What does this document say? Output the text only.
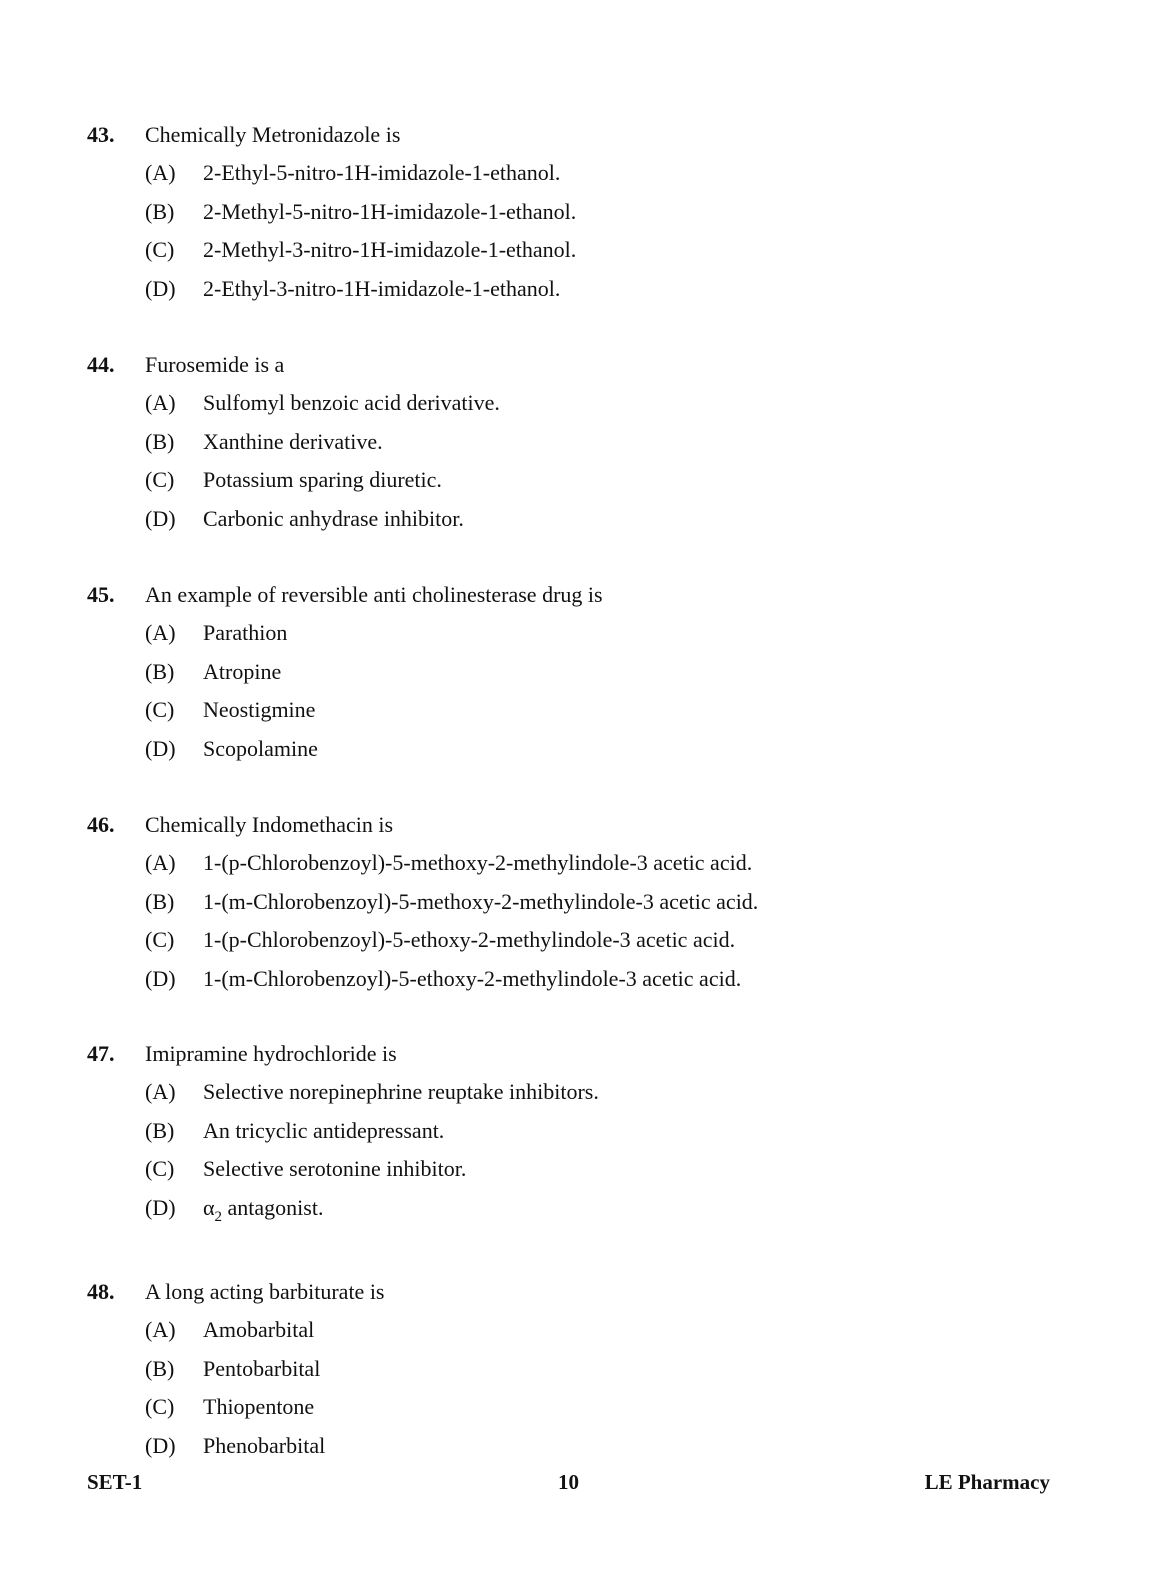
43. Chemically Metronidazole is
(A) 2-Ethyl-5-nitro-1H-imidazole-1-ethanol.
(B) 2-Methyl-5-nitro-1H-imidazole-1-ethanol.
(C) 2-Methyl-3-nitro-1H-imidazole-1-ethanol.
(D) 2-Ethyl-3-nitro-1H-imidazole-1-ethanol.
44. Furosemide is a
(A) Sulfomyl benzoic acid derivative.
(B) Xanthine derivative.
(C) Potassium sparing diuretic.
(D) Carbonic anhydrase inhibitor.
45. An example of reversible anti cholinesterase drug is
(A) Parathion
(B) Atropine
(C) Neostigmine
(D) Scopolamine
46. Chemically Indomethacin is
(A) 1-(p-Chlorobenzoyl)-5-methoxy-2-methylindole-3 acetic acid.
(B) 1-(m-Chlorobenzoyl)-5-methoxy-2-methylindole-3 acetic acid.
(C) 1-(p-Chlorobenzoyl)-5-ethoxy-2-methylindole-3 acetic acid.
(D) 1-(m-Chlorobenzoyl)-5-ethoxy-2-methylindole-3 acetic acid.
47. Imipramine hydrochloride is
(A) Selective norepinephrine reuptake inhibitors.
(B) An tricyclic antidepressant.
(C) Selective serotonine inhibitor.
(D) $\alpha_2$ antagonist.
48. A long acting barbiturate is
(A) Amobarbital
(B) Pentobarbital
(C) Thiopentone
(D) Phenobarbital
10
SET-1	LE Pharmacy
